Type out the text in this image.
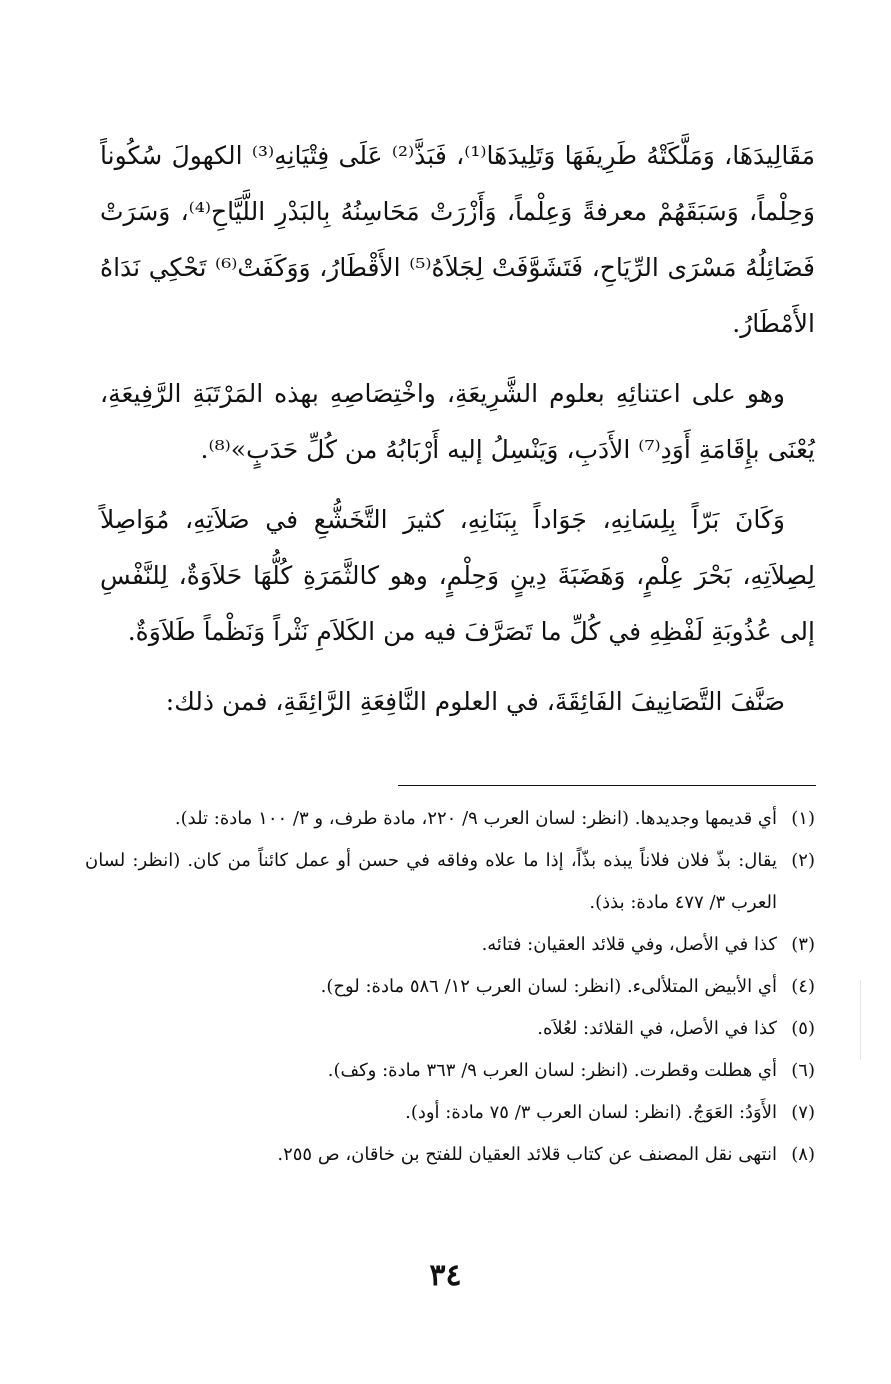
مَقَالِيدَهَا، وَمَلَّكَتْهُ طَرِيفَهَا وَتَلِيدَهَا⁽¹⁾، فَبَذَّ⁽²⁾ عَلَى فِتْيَانِهِ⁽³⁾ الكهولَ سُكُوناً وَحِلْماً، وَسَبَقَهُمْ معرفةً وَعِلْماً، وَأَزْرَتْ مَحَاسِنُهُ بِالبَدْرِ اللَّيَّاحِ⁽⁴⁾، وَسَرَتْ فَضَائِلُهُ مَسْرَى الرِّيَاحِ، فَتَشَوَّفَتْ لِجَلاَهُ⁽⁵⁾ الأَقْطَارُ، وَوَكَفَتْ⁽⁶⁾ تَحْكِي نَدَاهُ الأَمْطَارُ.

وهو على اعتنائِهِ بعلوم الشَّرِيعَةِ، واخْتِصَاصِهِ بهذه المَرْتَبَةِ الرَّفِيعَةِ، يُعْنَى بإِقَامَةِ أَوَدِ⁽⁷⁾ الأَدَبِ، وَيَنْسِلُ إليه أَرْبَابُهُ من كُلِّ حَدَبٍ»⁽⁸⁾.

وَكَانَ بَرّاً بِلِسَانِهِ، جَوَاداً بِبَنَانِهِ، كثيرَ التَّخَشُّعِ في صَلاَتِهِ، مُوَاصِلاً لِصِلاَتِهِ، بَحْرَ عِلْمٍ، وَهَضَبَةَ دِينٍ وَحِلْمٍ، وهو كالثَّمَرَةِ كُلُّهَا حَلاَوَةٌ، لِلنَّفْسِ إلى عُذُوبَةِ لَفْظِهِ في كُلِّ ما تَصَرَّفَ فيه من الكَلاَمِ نَثْراً وَنَظْماً طَلاَوَةٌ.

صَنَّفَ التَّصَانِيفَ الفَائِقَةَ، في العلوم النَّافِعَةِ الرَّائِقَةِ، فمن ذلك:

(١)
أي قديمها وجديدها. (انظر: لسان العرب ٩/ ٢٢٠، مادة طرف، و ٣/ ١٠٠ مادة: تلد).
(٢)
يقال: بذّ فلان فلاناً يبذه بذّاً، إذا ما علاه وفاقه في حسن أو عمل كائناً من كان. (انظر: لسان العرب ٣/ ٤٧٧ مادة: بذذ).
(٣)
كذا في الأصل، وفي قلائد العقيان: فتائه.
(٤)
أي الأبيض المتلألىء. (انظر: لسان العرب ١٢/ ٥٨٦ مادة: لوح).
(٥)
كذا في الأصل، في القلائد: لعُلاَه.
(٦)
أي هطلت وقطرت. (انظر: لسان العرب ٩/ ٣٦٣ مادة: وكف).
(٧)
الأَوَدُ: العَوَجُ. (انظر: لسان العرب ٣/ ٧٥ مادة: أود).
(٨)
انتهى نقل المصنف عن كتاب قلائد العقيان للفتح بن خاقان، ص ٢٥٥.
٣٤
